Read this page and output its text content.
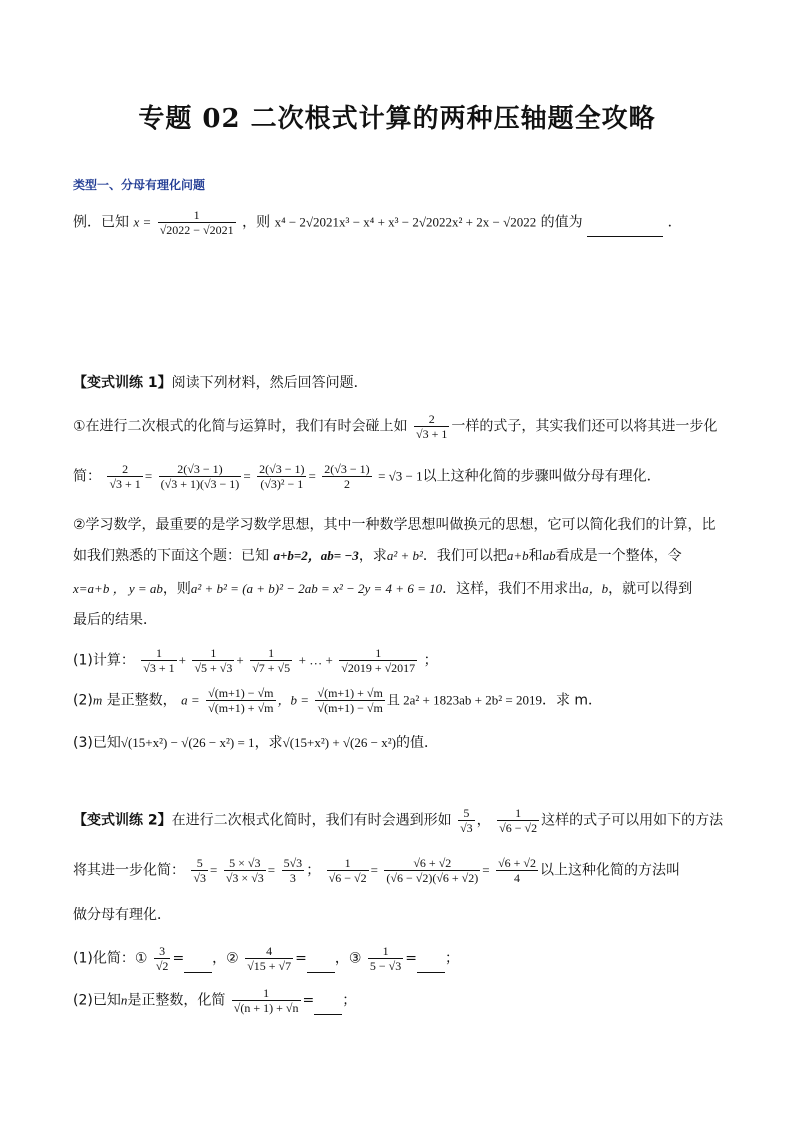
专题 02 二次根式计算的两种压轴题全攻略
类型一、分母有理化问题
例．已知 $x = \frac{1}{√2022 - √2021}$ ，则 x⁴ − 2√2021x³ − x⁴ + x³ − 2√2022x² + 2x − √2022 的值为	．
【变式训练 1】阅读下列材料，然后回答问题．
①在进行二次根式的化简与运算时，我们有时会碰上如 $\frac{2}{√3 + 1}$ 一样的式子，其实我们还可以将其进一步化
简： $\frac{2}{√3 + 1} = \frac{2(√3 - 1)}{(√3 + 1)(√3 - 1)} = \frac{2(√3 - 1)}{\text{(√3)² − 1}} = \frac{2(√3 - 1)}{2} = √3 - 1$以上这种化简的步骤叫做分母有理化．
②学习数学，最重要的是学习数学思想，其中一种数学思想叫做换元的思想，它可以简化我们的计算，比
如我们熟悉的下面这个题：已知 a+b=2，ab= −3，求a² + b²．我们可以把a+b和ab看成是一个整体，令
x=a+b ， y = ab，则a² + b² = (a + b)² − 2ab = x² − 2y = 4 + 6 = 10．这样，我们不用求出a，b，就可以得到
最后的结果．
(1)计算： $\frac{1}{√3 + 1} + \frac{1}{√5 + √3} + \frac{1}{√7 + √5}$ + … + $\frac{1}{√2019 + √2017}$ ；
(2)m 是正整数， $a = \frac{√(m+1) - √m}{√(m+1) + √m}$ ，$b = \frac{√(m+1) + √m}{√(m+1) - √m}$ 且 2a² + 1823ab + 2b² = 2019．求 m．
(3)已知√(15+x²) − √(26 − x²) = 1，求√(15+x²) + √(26 − x²)的值．
【变式训练 2】在进行二次根式化简时，我们有时会遇到形如 $\frac{5}{√3}$ ， $\frac{1}{√6 - √2}$ 这样的式子可以用如下的方法
将其进一步化简： $\frac{5}{√3} = \frac{5 \times √3}{√3 \times √3} = \frac{5√3}{3}$ ； $\frac{1}{√6 - √2} = \frac{√6 + √2}{(√6 - √2)(√6 + √2)} = \frac{√6 + √2}{4}$ 以上这种化简的方法叫
做分母有理化．
(1)化简：① $\frac{3}{√2}$ = ，② $\frac{4}{√15 + √7}$ = ，③ $\frac{1}{5 - √3}$ = ；
(2)已知n是正整数，化简 $\frac{1}{√(n + 1) + √n}$ = ；
